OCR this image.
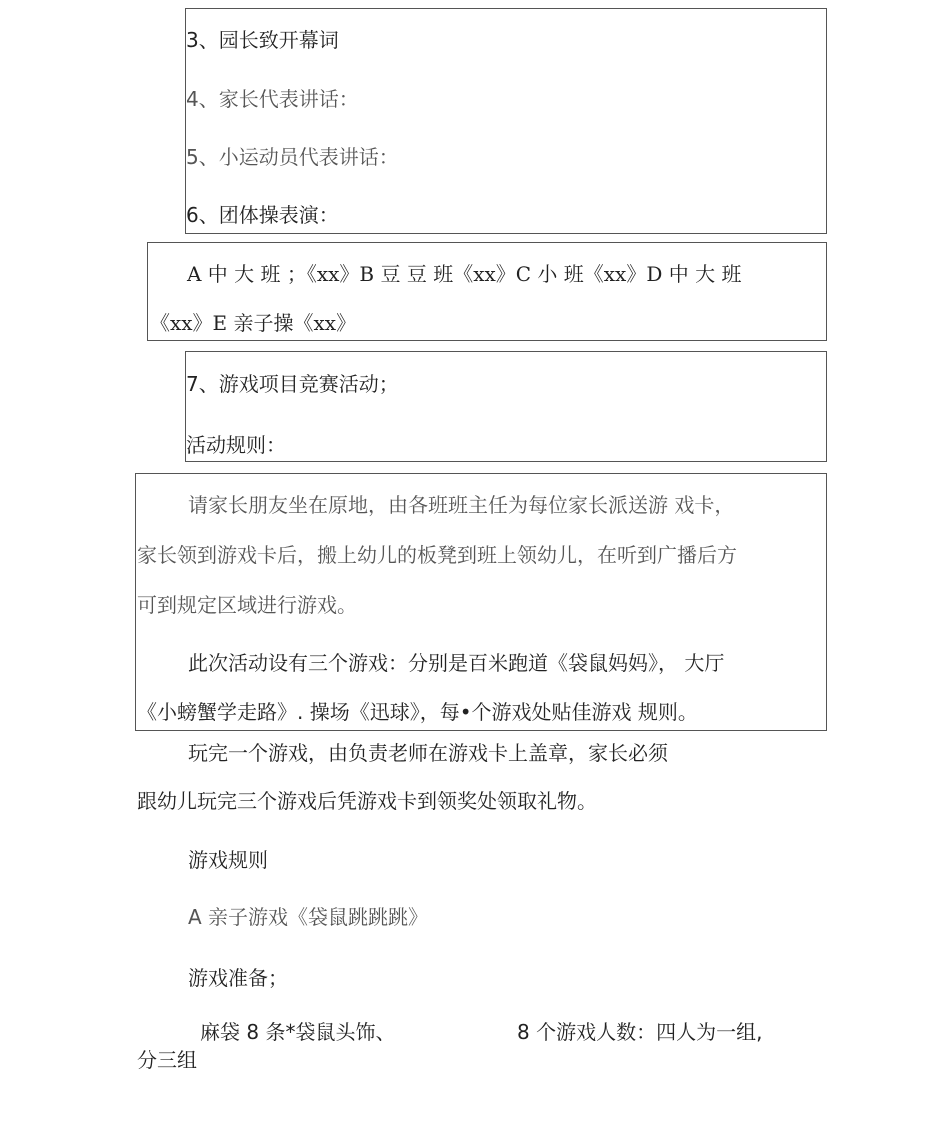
3、园长致开幕词
4、家长代表讲话：
5、小运动员代表讲话：
6、团体操表演：
A 中 大 班 ；《xx》B 豆 豆 班《xx》C 小 班《xx》D 中 大 班
《xx》E 亲子操《xx》
7、游戏项目竞赛活动；
活动规则：
请家长朋友坐在原地，由各班班主任为每位家长派送游 戏卡，
家长领到游戏卡后，搬上幼儿的板凳到班上领幼儿，在听到广播后方
可到规定区域进行游戏。
此次活动设有三个游戏：分别是百米跑道《袋鼠妈妈》， 大厅
《小螃蟹学走路》. 操场《迅球》，每•个游戏处贴佳游戏 规则。
玩完一个游戏，由负责老师在游戏卡上盖章，家长必须
跟幼儿玩完三个游戏后凭游戏卡到领奖处领取礼物。
游戏规则
A 亲子游戏《袋鼠跳跳跳》
游戏准备；
麻袋 8 条*袋鼠头饰、	8 个游戏人数：四人为一组,
分三组
